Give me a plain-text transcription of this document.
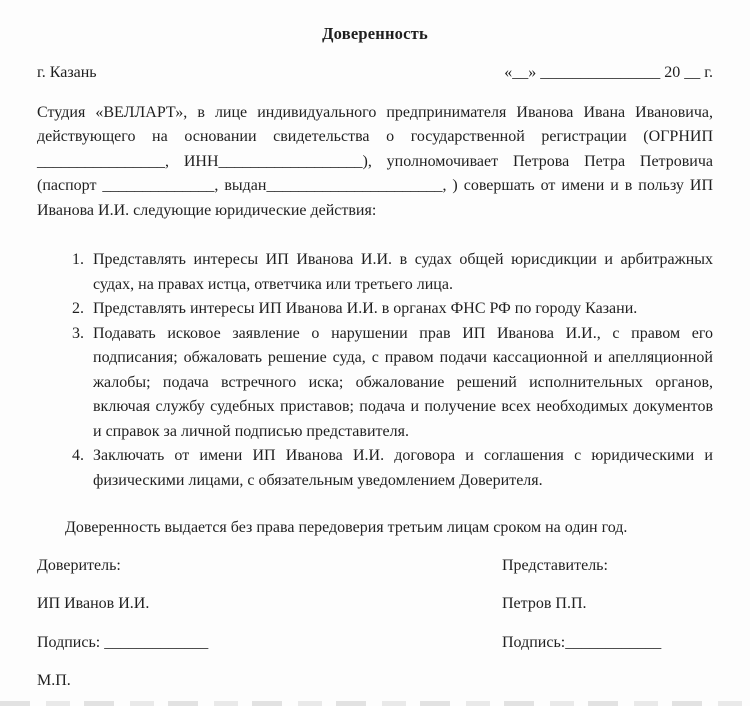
Доверенность
г. Казань	«__» _______________ 20 __ г.

Студия «ВЕЛЛАРТ», в лице индивидуального предпринимателя Иванова Ивана Ивановича, действующего на основании свидетельства о государственной регистрации (ОГРНИП ________________, ИНН__________________), уполномочивает Петрова Петра Петровича (паспорт ______________, выдан______________________, ) совершать от имени и в пользу ИП Иванова И.И. следующие юридические действия:

1. Представлять интересы ИП Иванова И.И. в судах общей юрисдикции и арбитражных судах, на правах истца, ответчика или третьего лица.
2. Представлять интересы ИП Иванова И.И. в органах ФНС РФ по городу Казани.
3. Подавать исковое заявление о нарушении прав ИП Иванова И.И., с правом его подписания; обжаловать решение суда, с правом подачи кассационной и апелляционной жалобы; подача встречного иска; обжалование решений исполнительных органов, включая службу судебных приставов; подача и получение всех необходимых документов и справок за личной подписью представителя.
4. Заключать от имени ИП Иванова И.И. договора и соглашения с юридическими и физическими лицами, с обязательным уведомлением Доверителя.

Доверенность выдается без права передоверия третьим лицам сроком на один год.

Доверитель:
ИП Иванов И.И.
Подпись: _____________
Представитель:
Петров П.П.
Подпись:____________
М.П.
